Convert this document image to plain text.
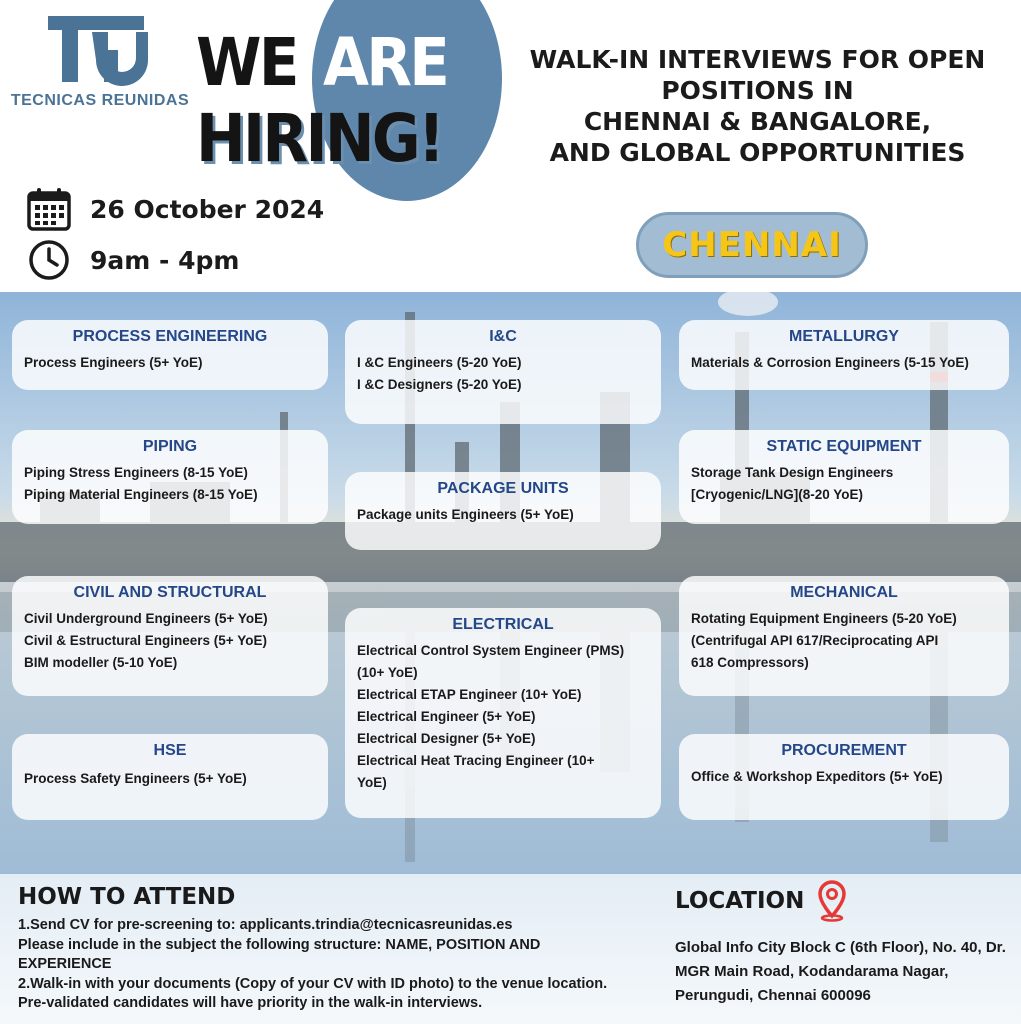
TECNICAS REUNIDAS WE ARE
HIRING!
WALK-IN INTERVIEWS FOR OPEN
POSITIONS IN
CHENNAI & BANGALORE,
AND GLOBAL OPPORTUNITIES
26 October 2024
9am - 4pm	CHENNAI
PROCESS ENGINEERING
Process Engineers (5+ YoE)
I&C
I &C Engineers (5-20 YoE)
I &C Designers (5-20 YoE)
METALLURGY
Materials & Corrosion Engineers (5-15 YoE)
PIPING
Piping Stress Engineers (8-15 YoE)
Piping Material Engineers (8-15 YoE)	PACKAGE UNITS
Package units Engineers (5+ YoE)
STATIC EQUIPMENT
Storage Tank Design Engineers
[Cryogenic/LNG](8-20 YoE)
CIVIL AND STRUCTURAL
Civil Underground Engineers (5+ YoE)
Civil & Estructural Engineers (5+ YoE)
BIM modeller (5-10 YoE)
ELECTRICAL
Electrical Control System Engineer (PMS)
(10+ YoE)
Electrical ETAP Engineer (10+ YoE)
Electrical Engineer (5+ YoE)
Electrical Designer (5+ YoE)
Electrical Heat Tracing Engineer (10+
YoE)
MECHANICAL
Rotating Equipment Engineers (5-20 YoE)
(Centrifugal API 617/Reciprocating API
618 Compressors)
HSE
Process Safety Engineers (5+ YoE)
PROCUREMENT
Office & Workshop Expeditors (5+ YoE)
HOW TO ATTEND
1.Send CV for pre-screening to: applicants.trindia@tecnicasreunidas.es
Please include in the subject the following structure: NAME, POSITION AND
EXPERIENCE
2.Walk-in with your documents (Copy of your CV with ID photo) to the venue location.
Pre-validated candidates will have priority in the walk-in interviews.
LOCATION
Global Info City Block C (6th Floor), No. 40, Dr. MGR Main Road, Kodandarama Nagar, Perungudi, Chennai 600096
